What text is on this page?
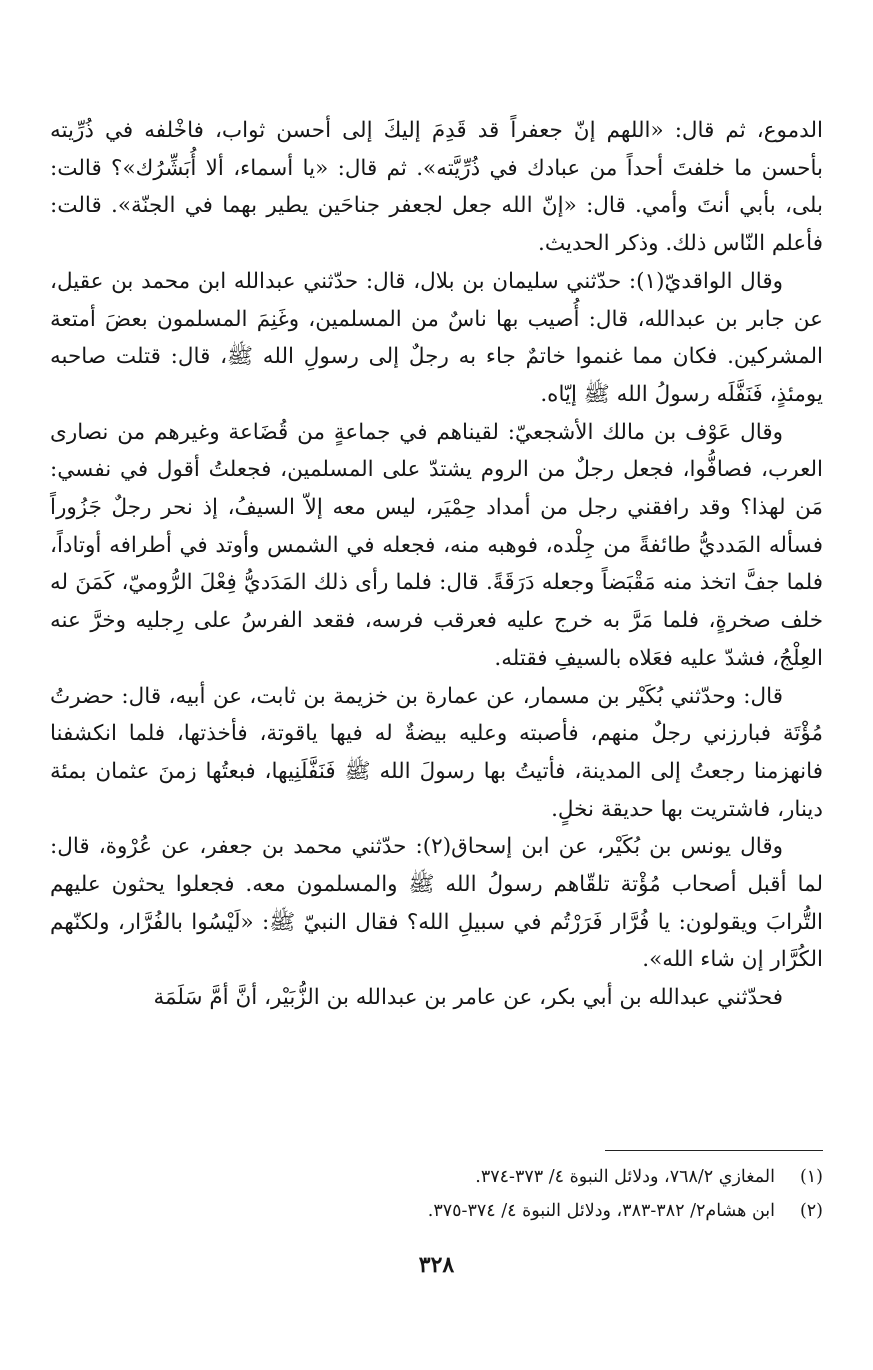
الدموع، ثم قال: «اللهم إنّ جعفراً قد قَدِمَ إليكَ إلى أحسن ثواب، فاخْلفه في ذُرِّيته بأحسن ما خلفتَ أحداً من عبادك في ذُرِّيَّته». ثم قال: «يا أسماء، ألا أُبَشِّرُك»؟ قالت: بلى، بأبي أنتَ وأمي. قال: «إنّ الله جعل لجعفر جناحَين يطير بهما في الجنّة». قالت: فأعلم النّاس ذلك. وذكر الحديث.

وقال الواقديّ(١): حدّثني سليمان بن بلال، قال: حدّثني عبدالله ابن محمد بن عقيل، عن جابر بن عبدالله، قال: أُصيب بها ناسٌ من المسلمين، وغَنِمَ المسلمون بعضَ أمتعة المشركين. فكان مما غنموا خاتمٌ جاء به رجلٌ إلى رسولِ الله ﷺ، قال: قتلت صاحبه يومئذٍ، فَنَفَّلَه رسولُ الله ﷺ إيّاه.

وقال عَوْف بن مالك الأشجعيّ: لقيناهم في جماعةٍ من قُضَاعة وغيرهم من نصارى العرب، فصافُّوا، فجعل رجلٌ من الروم يشتدّ على المسلمين، فجعلتُ أقول في نفسي: مَن لهذا؟ وقد رافقني رجل من أمداد حِمْيَر، ليس معه إلاّ السيفُ، إذ نحر رجلٌ جَزُوراً فسأله المَدديُّ طائفةً من جِلْده، فوهبه منه، فجعله في الشمس وأوتد في أطرافه أوتاداً، فلما جفَّ اتخذ منه مَقْبَضاً وجعله دَرَقَةً. قال: فلما رأى ذلك المَدَديُّ فِعْلَ الرُّوميّ، كَمَنَ له خلف صخرةٍ، فلما مَرَّ به خرج عليه فعرقب فرسه، فقعد الفرسُ على رِجليه وخرَّ عنه العِلْجُ، فشدّ عليه فعَلاه بالسيفِ فقتله.

قال: وحدّثني بُكَيْر بن مسمار، عن عمارة بن خزيمة بن ثابت، عن أبيه، قال: حضرتُ مُؤْتَة فبارزني رجلٌ منهم، فأصبته وعليه بيضةٌ له فيها ياقوتة، فأخذتها، فلما انكشفنا فانهزمنا رجعتُ إلى المدينة، فأتيتُ بها رسولَ الله ﷺ فَنَفَّلَنِيها، فبعتُها زمنَ عثمان بمئة دينار، فاشتريت بها حديقة نخلٍ.

وقال يونس بن بُكَيْر، عن ابن إسحاق(٢): حدّثني محمد بن جعفر، عن عُرْوة، قال: لما أقبل أصحاب مُؤْتة تلقّاهم رسولُ الله ﷺ والمسلمون معه. فجعلوا يحثون عليهم التُّرابَ ويقولون: يا فُرَّار فَرَرْتُم في سبيلِ الله؟ فقال النبيّ ﷺ: «لَيْسُوا بالفُرَّار، ولكنّهم الكُرَّار إن شاء الله».

فحدّثني عبدالله بن أبي بكر، عن عامر بن عبدالله بن الزُّبَيْر، أنَّ أمَّ سَلَمَة

(١)
المغازي ٧٦٨/٢، ودلائل النبوة ٤/ ٣٧٣-٣٧٤.
(٢)
ابن هشام٢/ ٣٨٢-٣٨٣، ودلائل النبوة ٤/ ٣٧٤-٣٧٥.
٣٢٨
